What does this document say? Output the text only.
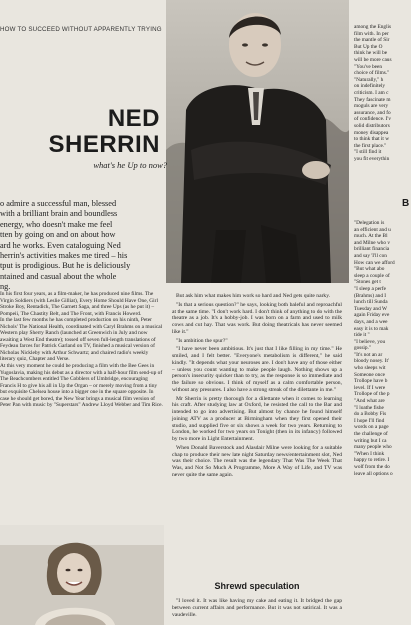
HOW TO SUCCEED WITHOUT APPARENTLY TRYING
NED
SHERRIN
what's he Up to now?

o admire a successful man, blessed

with a brilliant brain and boundless

energy, who doesn't make me feel

tten by going on and on about how

ard he works. Even cataloguing Ned

herrin's activities makes me tired – his

tput is prodigious. But he is deliciously

ntained and casual about the whole

ng.

In his first four years, as a film-maker, he has produced nine films. The Virgin Soldiers (with Leslie Gilliat), Every Home Should Have One, Girl Stroke Boy, Rentadick, The Garnett Saga, and three Ups (as he put it) – Pompeii, The Chastity Belt, and The Front, with Francis Howerd.

In the last few months he has completed production on his ninth, Peter Nichols' The National Health, coordinated with Caryl Brahms on a musical Western play Sherry Ranch (launched at Greenwich in July and now awaiting a West End theatre); tossed off seven full-length translations of Feydeau farces for Patrick Garland on TV, finished a musical version of Nicholas Nickleby with Arthur Schwartz; and chaired radio's weekly literary quiz, Chapter and Verse.

At this very moment he could be producing a film with the Bee Gees in Yugoslavia, making his debut as a director with a half-hour film send-up of The Beachcombers entitled The Cobblers of Umbridge, encouraging Francis H to give his all in Up the Organ – or merely moving from a tiny but exquisite Chelsea house into a bigger one in the square opposite. In case he should get bored, the New Year brings a musical film version of Peter Pan with music by "Superstars" Andrew Lloyd Webber and Tim Rice.

But ask him what makes him work so hard and Ned gets quite narky.

"Is that a serious question?" he says, looking both baleful and reproachful at the same time. "I don't work hard. I don't think of anything to do with the theatre as a job. It's a hobby-job. I was born on a farm and used to milk cows and cut hay. That was work. But doing theatricals has never seemed like it."

"Is ambition the spur?"

"I have never been ambitious. It's just that I like filling in my time." He smiled, and I felt better. "Everyone's metabolism is different," he said kindly. "It depends what your neuroses are. I don't have any of those either – unless you count wanting to make people laugh. Nothing shows up a person's insecurity quicker than to try, as the response is so immediate and the failure so obvious. I think of myself as a calm comfortable person, without any pressures. I also have a strong streak of the dilettante in me."

Mr Sherrin is pretty thorough for a dilettante when it comes to learning his craft. After studying law at Oxford, he resisted the call to the Bar and intended to go into advertising. But almost by chance he found himself joining ATV as a producer at Birmingham when they first opened their studio, and supplied five or six shows a week for two years. Returning to London, he worked for two years on Tonight (then in its infancy) followed by two more in Light Entertainment.

When Donald Baverstock and Alasdair Milne were looking for a suitable chap to produce their new late night Saturday news/entertainment slot, Ned was their choice. The result was the legendary That Was The Week That Was, and Not So Much A Programme, More A Way of Life, and TV was never quite the same again.

Shrewd speculation

"I loved it. It was like having my cake and eating it. It bridged the gap between current affairs and performance. But it was not satirical. It was a vaudeville.

among the Englis

film with. In per

the mantle of Sir

But Up the O

think he will be

will be more caus

"You've been

choice of films."

"Naturally," h

on indefinitely

criticism. I am c

They fascinate m

moguls are very

assurance, and fo

of confidence. I'v

solid distributors

money disappea

to think that it w

the first place."

"I still find it

you fit everythin

B

"Delegation is

an efficient and u

much. At the Bl

and Milne who v

brilliant financia

and say 'I'll con

How can we afford

"But what abo

sleep a couple of

"Stones get t

"I sleep a perfe

(Brahms) and I

lunch till Sunda

Tuesday and W

again Friday eve

days, and a wee

easy it is to mak

tide it "

"I believe, you

gossip."

"It's not an ar

bloody nosey. It'

who sleeps wit

Someone once

Trollope have b

level. If I were

Trollope of the p

"And what are

"I loathe fishe

do a Bobby Fis

I hope I'll find

words on a page

the challenge of

writing but I ca

many people who

"When I think

happy to retire. I

wolf from the do

leave all options o
